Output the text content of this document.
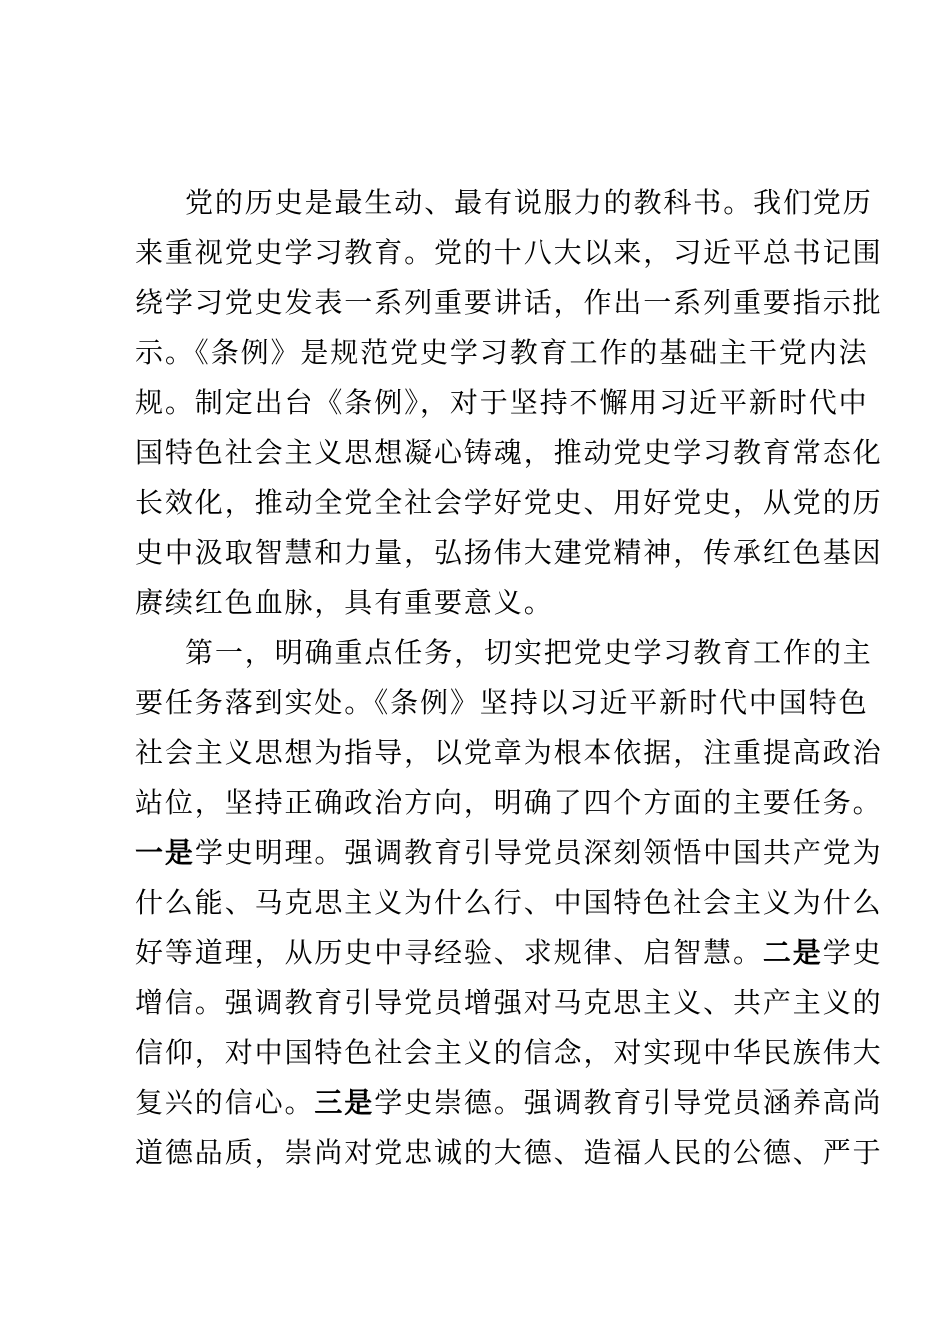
党的历史是最生动、最有说服力的教科书。我们党历
来重视党史学习教育。党的十八大以来，习近平总书记围
绕学习党史发表一系列重要讲话，作出一系列重要指示批
示。《条例》是规范党史学习教育工作的基础主干党内法
规。制定出台《条例》，对于坚持不懈用习近平新时代中
国特色社会主义思想凝心铸魂，推动党史学习教育常态化
长效化，推动全党全社会学好党史、用好党史，从党的历
史中汲取智慧和力量，弘扬伟大建党精神，传承红色基因
赓续红色血脉，具有重要意义。
第一，明确重点任务，切实把党史学习教育工作的主
要任务落到实处。《条例》坚持以习近平新时代中国特色
社会主义思想为指导，以党章为根本依据，注重提高政治
站位，坚持正确政治方向，明确了四个方面的主要任务。
一是学史明理。强调教育引导党员深刻领悟中国共产党为
什么能、马克思主义为什么行、中国特色社会主义为什么
好等道理，从历史中寻经验、求规律、启智慧。二是学史
增信。强调教育引导党员增强对马克思主义、共产主义的
信仰，对中国特色社会主义的信念，对实现中华民族伟大
复兴的信心。三是学史崇德。强调教育引导党员涵养高尚
道德品质，崇尚对党忠诚的大德、造福人民的公德、严于
